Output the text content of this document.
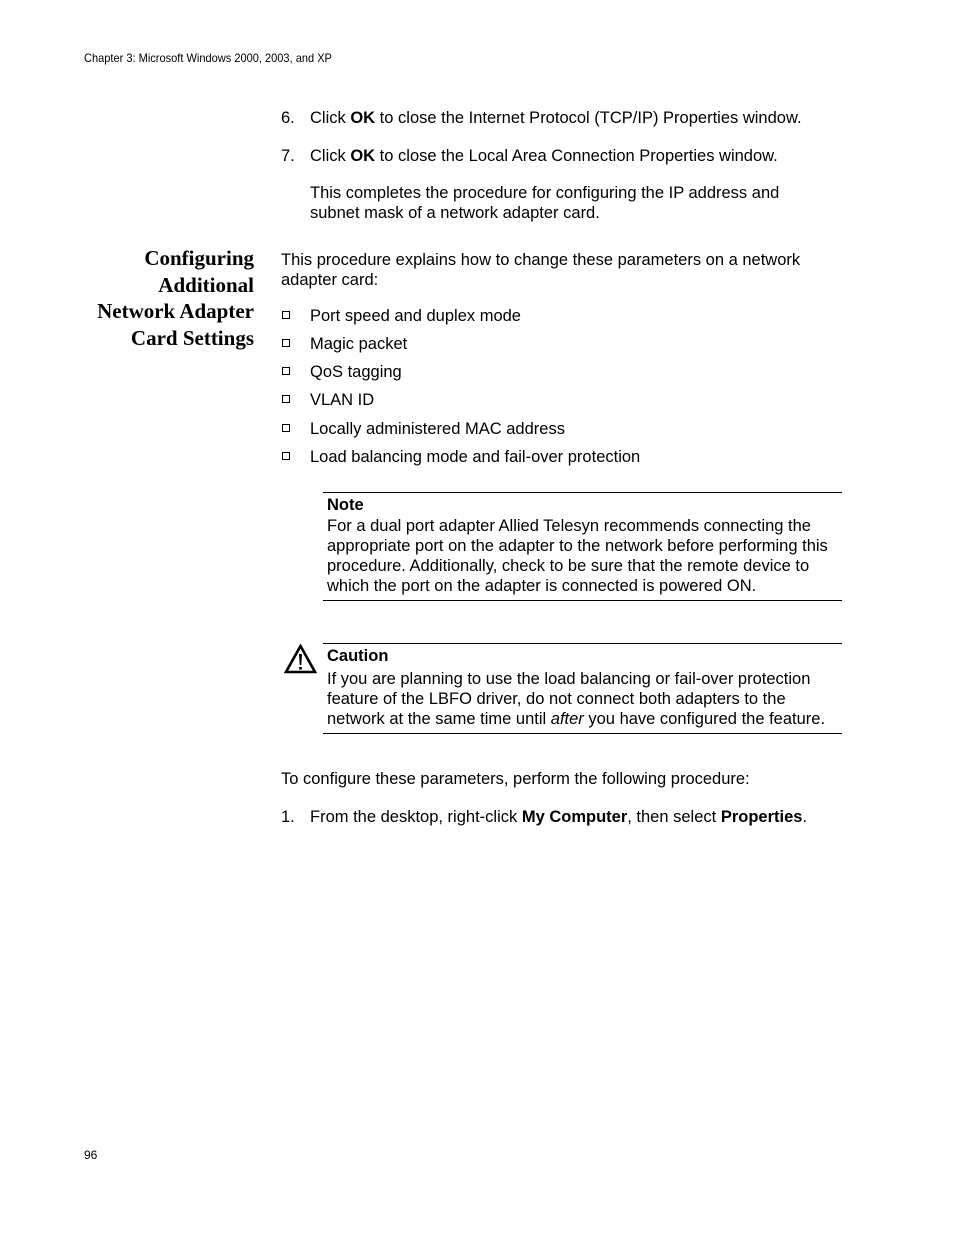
Chapter 3: Microsoft Windows 2000, 2003, and XP
6. Click OK to close the Internet Protocol (TCP/IP) Properties window.
7. Click OK to close the Local Area Connection Properties window.
This completes the procedure for configuring the IP address and subnet mask of a network adapter card.
Configuring
Additional
Network Adapter
Card Settings
This procedure explains how to change these parameters on a network adapter card:
Port speed and duplex mode
Magic packet
QoS tagging
VLAN ID
Locally administered MAC address
Load balancing mode and fail-over protection
Note
For a dual port adapter Allied Telesyn recommends connecting the appropriate port on the adapter to the network before performing this procedure. Additionally, check to be sure that the remote device to which the port on the adapter is connected is powered ON.
Caution
If you are planning to use the load balancing or fail-over protection feature of the LBFO driver, do not connect both adapters to the network at the same time until after you have configured the feature.
To configure these parameters, perform the following procedure:
1. From the desktop, right-click My Computer, then select Properties.
96
